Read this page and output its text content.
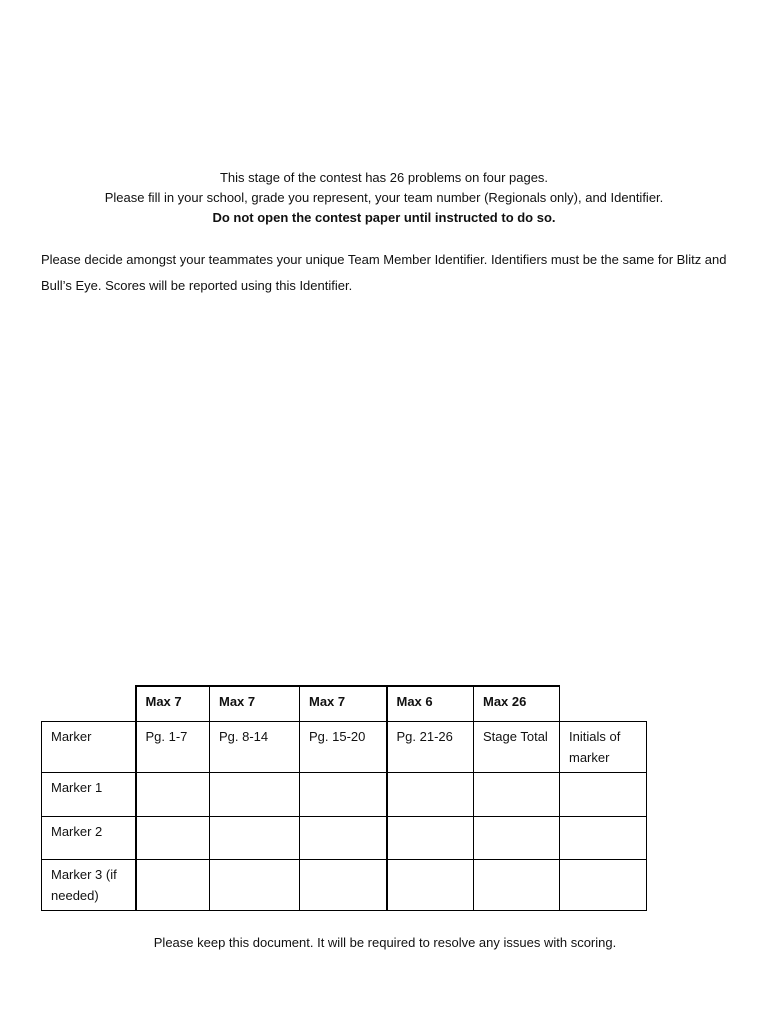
This stage of the contest has 26 problems on four pages.
Please fill in your school, grade you represent, your team number (Regionals only), and Identifier.
Do not open the contest paper until instructed to do so.
Please decide amongst your teammates your unique Team Member Identifier. Identifiers must be the same for Blitz and Bull’s Eye. Scores will be reported using this Identifier.
	Max 7	Max 7	Max 7	Max 6	Max 26	
Marker	Pg. 1-7	Pg. 8-14	Pg. 15-20	Pg. 21-26	Stage Total	Initials of marker
Marker 1						
Marker 2						
Marker 3 (if needed)						
Please keep this document. It will be required to resolve any issues with scoring.
